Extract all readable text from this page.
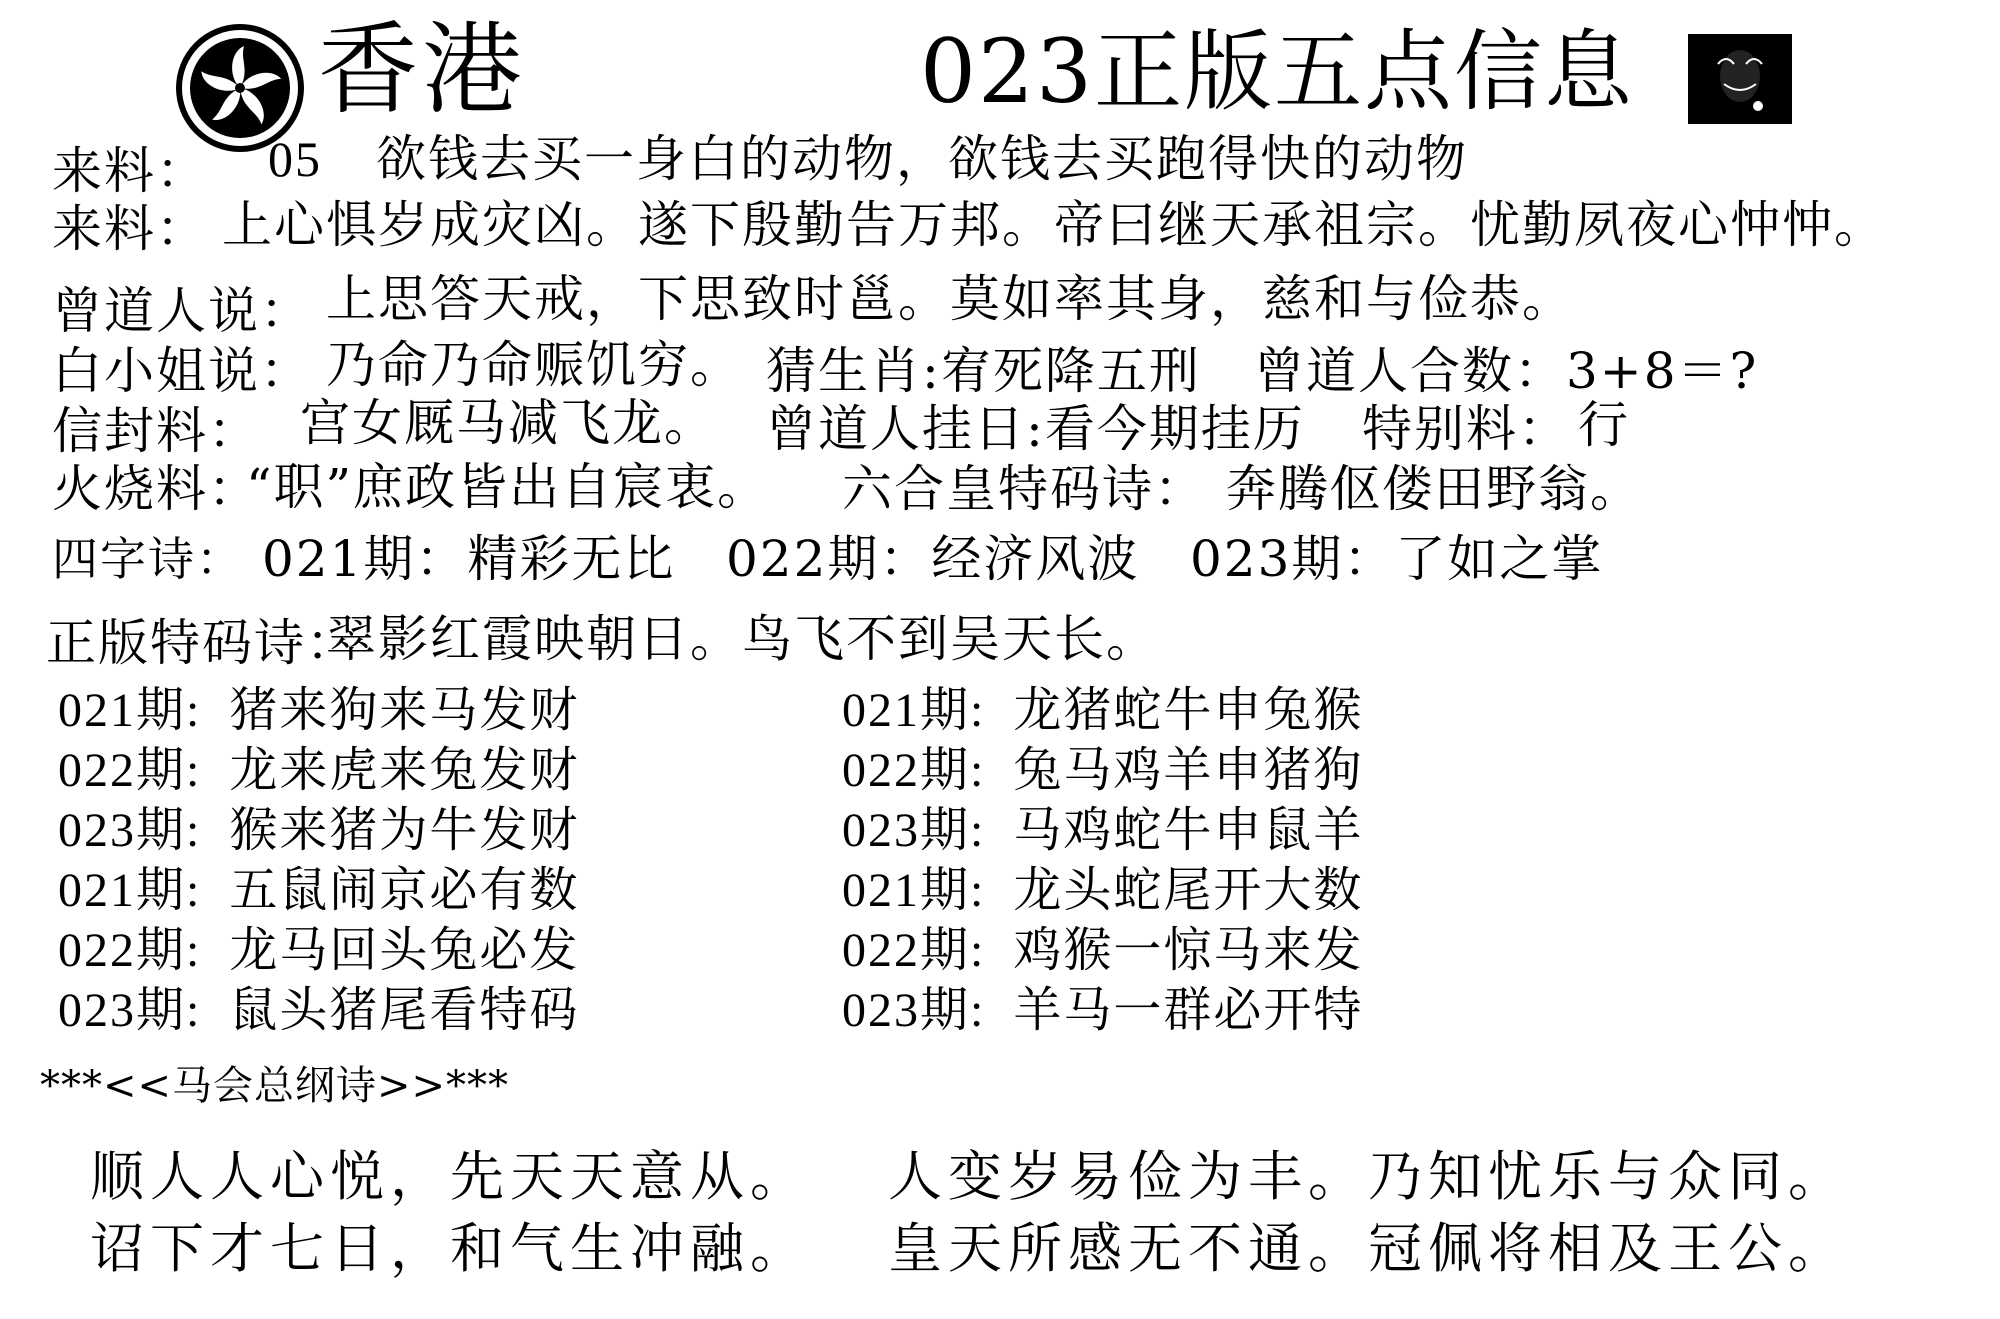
香港	023正版五点信息
来料： 05 欲钱去买一身白的动物，欲钱去买跑得快的动物
来料： 上心惧岁成灾凶。遂下殷勤告万邦。帝曰继天承祖宗。忧勤夙夜心忡忡。
曾道人说： 上思答天戒，下思致时邕。莫如率其身，慈和与俭恭。
白小姐说： 乃命乃命赈饥穷。 猜生肖:宥死降五刑 曾道人合数：3+8＝?
信封料： 宫女厩马减飞龙。 曾道人挂日:看今期挂历 特别料： 行
火烧料：
“职”庶政皆出自宸衷。 六合皇特码诗： 奔腾伛偻田野翁。
四字诗： 021期：精彩无比 022期：经济风波 023期：了如之掌
正版特码诗：
翠影红霞映朝日。鸟飞不到吴天长。
021期: 猪来狗来马发财
022期: 龙来虎来兔发财
023期: 猴来猪为牛发财
021期: 五鼠闹京必有数
022期: 龙马回头兔必发
023期: 鼠头猪尾看特码
021期: 龙猪蛇牛申兔猴
022期: 兔马鸡羊申猪狗
023期: 马鸡蛇牛申鼠羊
021期: 龙头蛇尾开大数
022期: 鸡猴一惊马来发
023期: 羊马一群必开特
***<<马会总纲诗>>***
顺人人心悦，先天天意从。 人变岁易俭为丰。乃知忧乐与众同。
诏下才七日，和气生冲融。 皇天所感无不通。冠佩将相及王公。
